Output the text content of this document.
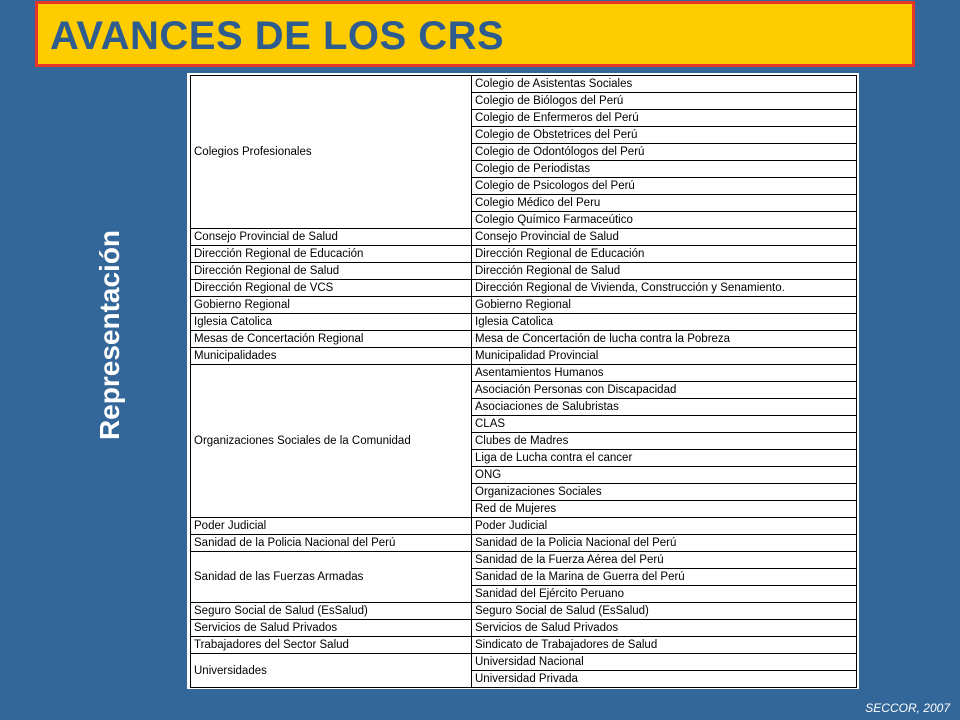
AVANCES DE LOS CRS
Representación
Colegios Profesionales	Colegio de Asistentas Sociales
	Colegio de Biólogos del Perú
	Colegio de Enfermeros del Perú
	Colegio de Obstetrices del Perú
	Colegio de Odontólogos del Perú
	Colegio de Periodistas
	Colegio de Psicologos del Perú
	Colegio Médico del Peru
	Colegio Químico Farmaceútico
Consejo Provincial de Salud	Consejo Provincial de Salud
Dirección Regional de Educación	Dirección Regional de Educación
Dirección Regional de Salud	Dirección Regional de Salud
Dirección Regional de VCS	Dirección Regional de Vivienda, Construcción y Senamiento.
Gobierno Regional	Gobierno Regional
Iglesia Catolica	Iglesia Catolica
Mesas de Concertación Regional	Mesa de Concertación de lucha contra la Pobreza
Municipalidades	Municipalidad Provincial
Organizaciones Sociales de la Comunidad	Asentamientos Humanos
	Asociación Personas con Discapacidad
	Asociaciones de Salubristas
	CLAS
	Clubes de Madres
	Liga de Lucha contra el cancer
	ONG
	Organizaciones Sociales
	Red de Mujeres
Poder Judicial	Poder Judicial
Sanidad de la Policia Nacional del Perú	Sanidad de la Policia Nacional del Perú
Sanidad de las Fuerzas Armadas	Sanidad de la Fuerza Aérea del Perú
	Sanidad de la Marina de Guerra del Perú
	Sanidad del Ejército Peruano
Seguro Social de Salud (EsSalud)	Seguro Social de Salud (EsSalud)
Servicios de Salud Privados	Servicios de Salud Privados
Trabajadores del Sector Salud	Sindicato de Trabajadores de Salud
Universidades	Universidad Nacional
	Universidad Privada
SECCOR, 2007
